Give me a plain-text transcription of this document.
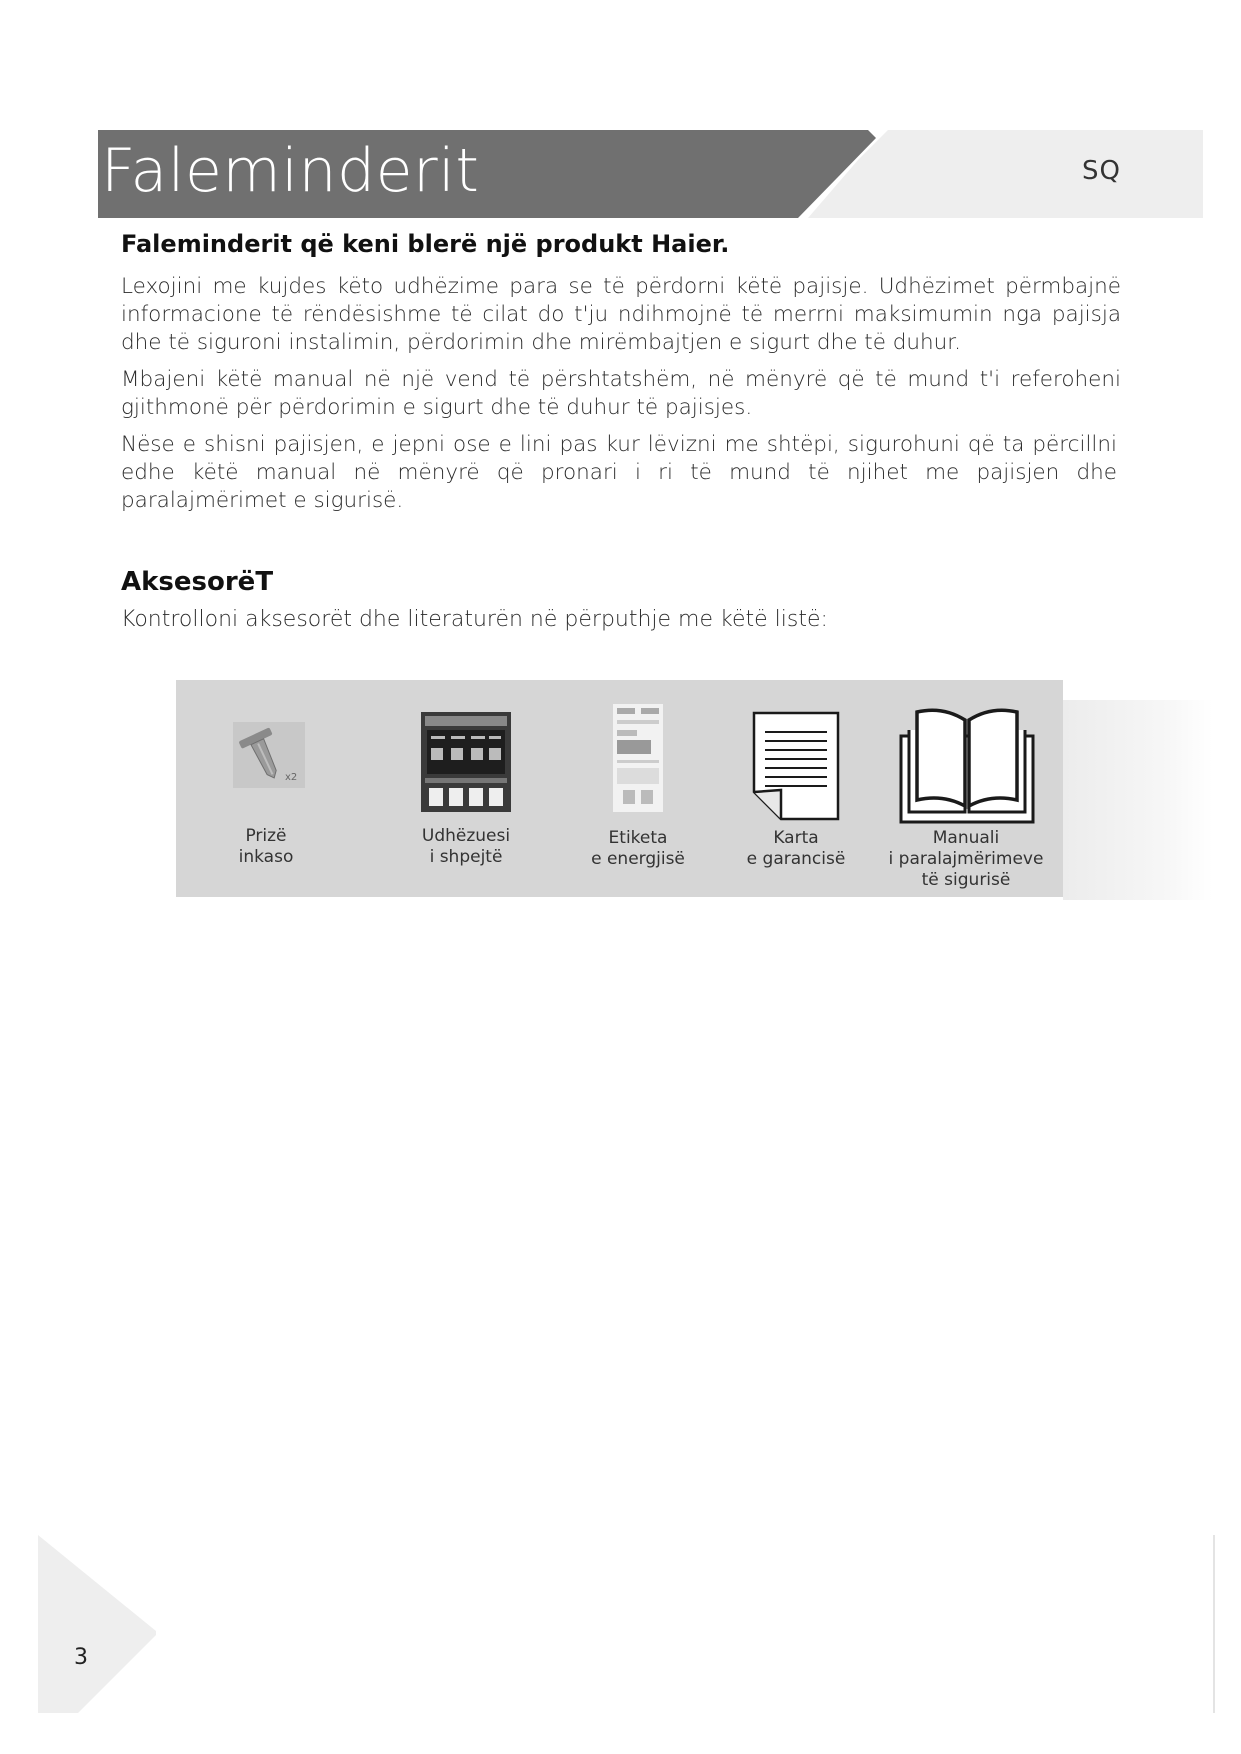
Faleminderit	SQ
Faleminderit që keni blerë një produkt Haier.

Lexojini me kujdes këto udhëzime para se të përdorni këtë pajisje. Udhëzimet përmbajnë informacione të rëndësishme të cilat do t'ju ndihmojnë të merrni maksimumin nga pajisja dhe të siguroni instalimin, përdorimin dhe mirëmbajtjen e sigurt dhe të duhur.

Mbajeni këtë manual në një vend të përshtatshëm, në mënyrë që të mund t'i referoheni gjithmonë për përdorimin e sigurt dhe të duhur të pajisjes.

Nëse e shisni pajisjen, e jepni ose e lini pas kur lëvizni me shtëpi, sigurohuni që ta përcillni edhe këtë manual në mënyrë që pronari i ri të mund të njihet me pajisjen dhe paralajmërimet e sigurisë.

AksesorëT
Kontrolloni aksesorët dhe literaturën në përputhje me këtë listë:
x2
Prizë
inkaso
Udhëzuesi
i shpejtë
Etiketa
e energjisë
Karta
e garancisë
Manuali
i paralajmërimeve
të sigurisë
3
